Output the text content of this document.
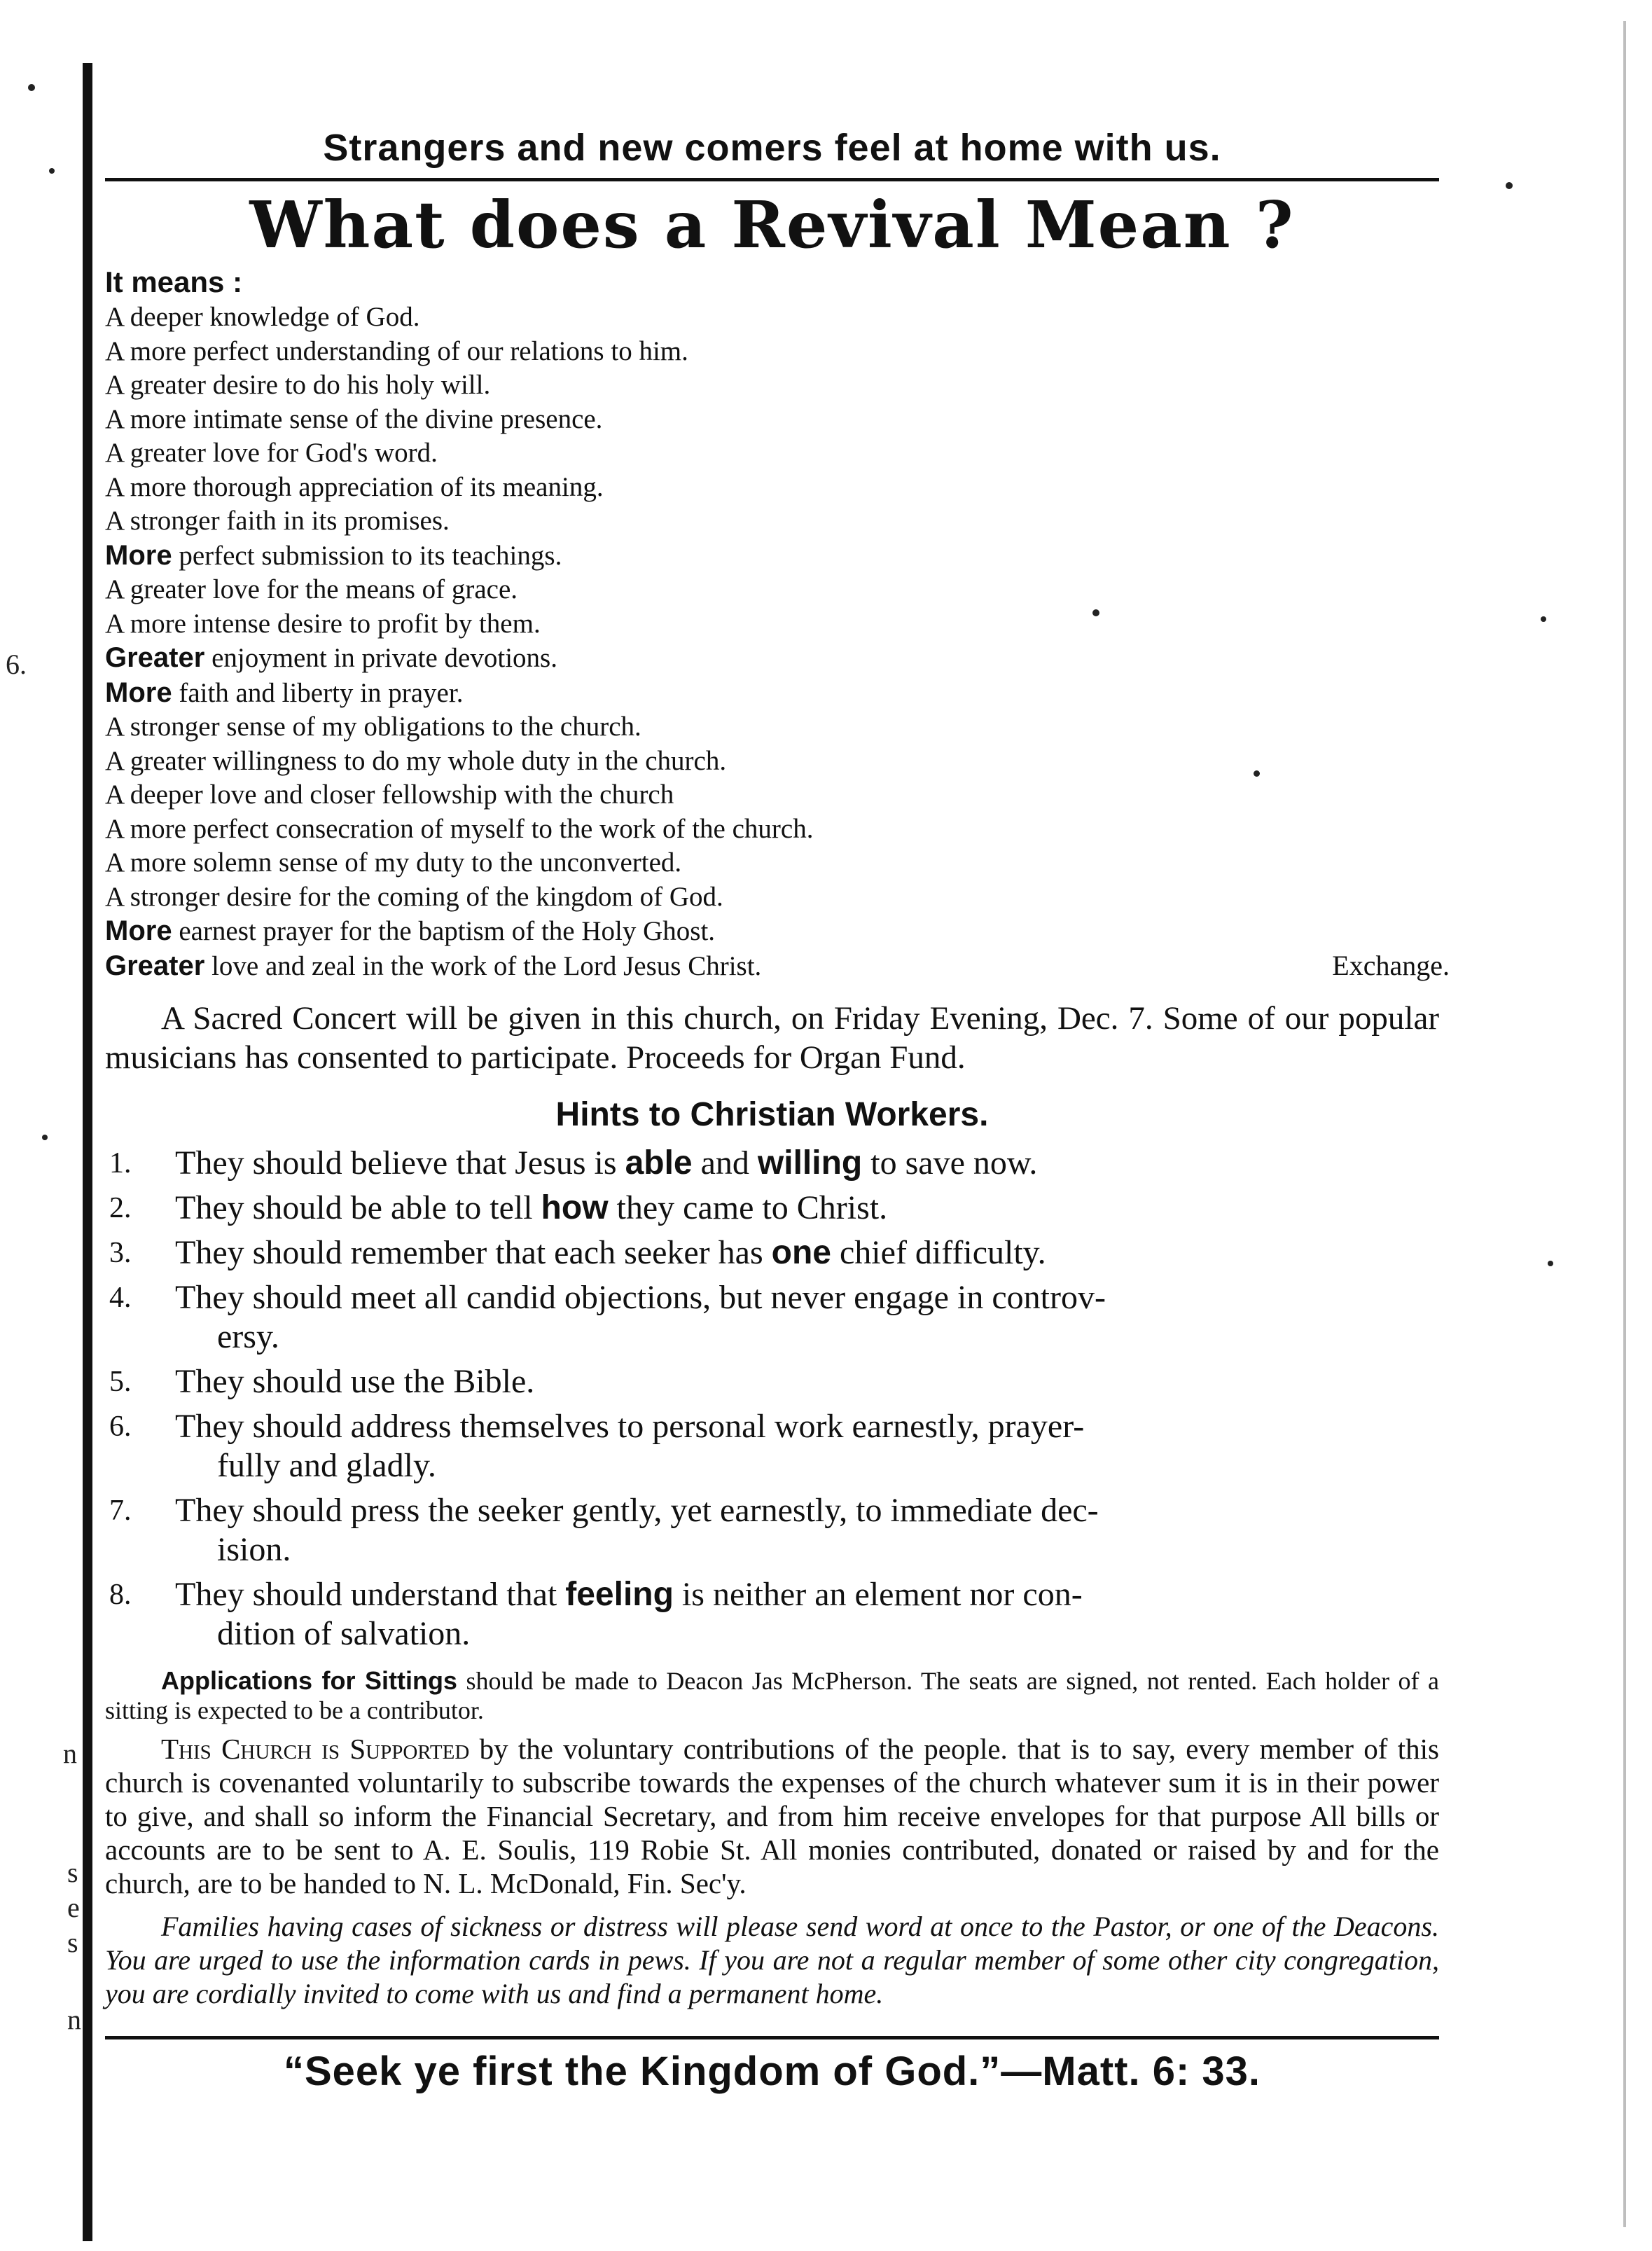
6.
n
s
e
s
n
Strangers and new comers feel at home with us.
What does a Revival Mean ?
It means :
A deeper knowledge of God.
A more perfect understanding of our relations to him.
A greater desire to do his holy will.
A more intimate sense of the divine presence.
A greater love for God's word.
A more thorough appreciation of its meaning.
A stronger faith in its promises.
More perfect submission to its teachings.
A greater love for the means of grace.
A more intense desire to profit by them.
Greater enjoyment in private devotions.
More faith and liberty in prayer.
A stronger sense of my obligations to the church.
A greater willingness to do my whole duty in the church.
A deeper love and closer fellowship with the church
A more perfect consecration of myself to the work of the church.
A more solemn sense of my duty to the unconverted.
A stronger desire for the coming of the kingdom of God.
More earnest prayer for the baptism of the Holy Ghost.
Greater love and zeal in the work of the Lord Jesus Christ.	Exchange.
A Sacred Concert will be given in this church, on Friday Evening, Dec. 7. Some of our popular musicians has consented to participate. Proceeds for Organ Fund.
Hints to Christian Workers.
1. They should believe that Jesus is able and willing to save now.
2. They should be able to tell how they came to Christ.
3. They should remember that each seeker has one chief difficulty.
4. They should meet all candid objections, but never engage in controv-
ersy.
5. They should use the Bible.
6. They should address themselves to personal work earnestly, prayer-
fully and gladly.
7. They should press the seeker gently, yet earnestly, to immediate dec-
ision.
8. They should understand that feeling is neither an element nor con-
dition of salvation.
Applications for Sittings should be made to Deacon Jas McPherson. The seats are signed, not rented. Each holder of a sitting is expected to be a contributor.
This Church is Supported by the voluntary contributions of the people. that is to say, every member of this church is covenanted voluntarily to subscribe towards the expenses of the church whatever sum it is in their power to give, and shall so inform the Financial Secretary, and from him receive envelopes for that purpose All bills or accounts are to be sent to A. E. Soulis, 119 Robie St. All monies contributed, donated or raised by and for the church, are to be handed to N. L. McDonald, Fin. Sec'y.
Families having cases of sickness or distress will please send word at once to the Pastor, or one of the Deacons. You are urged to use the information cards in pews. If you are not a regular member of some other city congregation, you are cordially invited to come with us and find a permanent home.
“Seek ye first the Kingdom of God.”—Matt. 6: 33.
